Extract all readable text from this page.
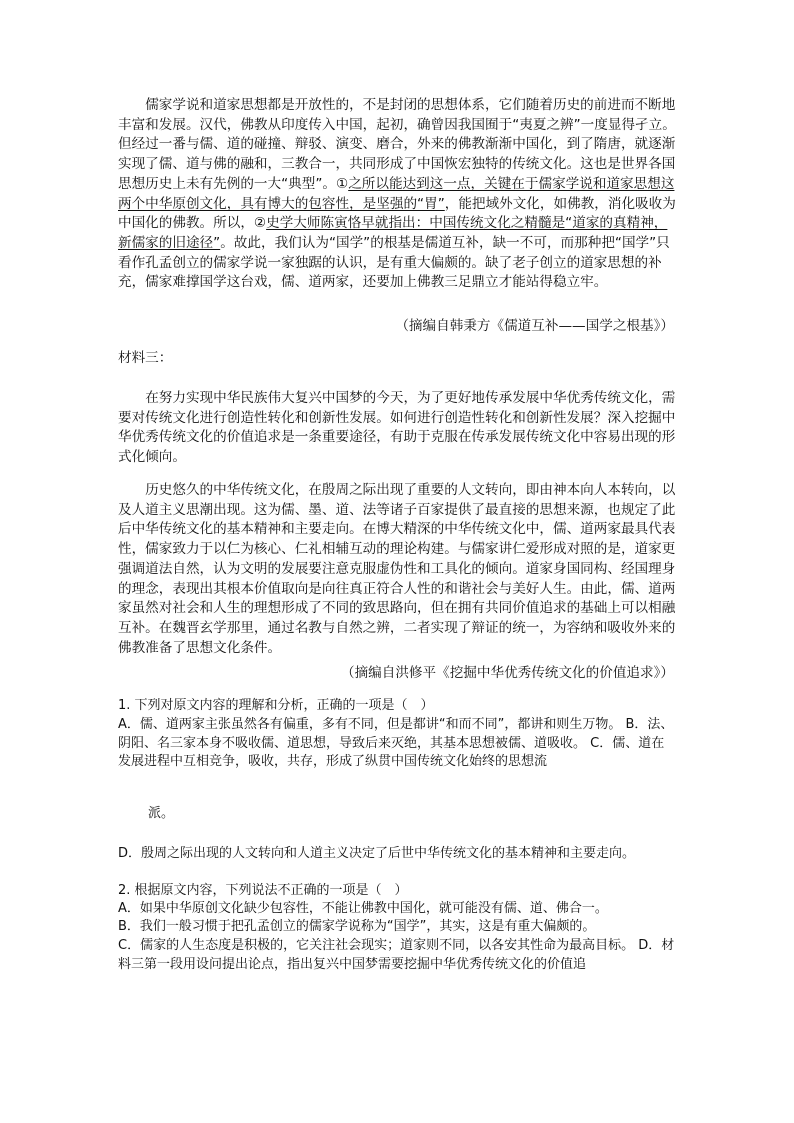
儒家学说和道家思想都是开放性的，不是封闭的思想体系，它们随着历史的前进而不断地丰富和发展。汉代，佛教从印度传入中国，起初，确曾因我国囿于“夷夏之辨”一度显得孑立。但经过一番与儒、道的碰撞、辩驳、演变、磨合，外来的佛教渐渐中国化，到了隋唐，就逐渐实现了儒、道与佛的融和，三教合一，共同形成了中国恢宏独特的传统文化。这也是世界各国思想历史上未有先例的一大“典型”。①之所以能达到这一点，关键在于儒家学说和道家思想这两个中华原创文化，具有博大的包容性，是坚强的“胃”，能把域外文化，如佛教，消化吸收为中国化的佛教。所以，②史学大师陈寅恪早就指出：中国传统文化之精髓是“道家的真精神，新儒家的旧途径”。故此，我们认为“国学”的根基是儒道互补，缺一不可，而那种把“国学”只看作孔孟创立的儒家学说一家独踞的认识，是有重大偏颇的。缺了老子创立的道家思想的补充，儒家难撑国学这台戏，儒、道两家，还要加上佛教三足鼎立才能站得稳立牢。

（摘编自韩秉方《儒道互补——国学之根基》）

材料三：

在努力实现中华民族伟大复兴中国梦的今天，为了更好地传承发展中华优秀传统文化，需要对传统文化进行创造性转化和创新性发展。如何进行创造性转化和创新性发展？深入挖掘中华优秀传统文化的价值追求是一条重要途径，有助于克服在传承发展传统文化中容易出现的形式化倾向。

历史悠久的中华传统文化，在殷周之际出现了重要的人文转向，即由神本向人本转向，以及人道主义思潮出现。这为儒、墨、道、法等诸子百家提供了最直接的思想来源，也规定了此后中华传统文化的基本精神和主要走向。在博大精深的中华传统文化中，儒、道两家最具代表性，儒家致力于以仁为核心、仁礼相辅互动的理论构建。与儒家讲仁爱形成对照的是，道家更强调道法自然，认为文明的发展要注意克服虚伪性和工具化的倾向。道家身国同构、经国理身的理念，表现出其根本价值取向是向往真正符合人性的和谐社会与美好人生。由此，儒、道两家虽然对社会和人生的理想形成了不同的致思路向，但在拥有共同价值追求的基础上可以相融互补。在魏晋玄学那里，通过名教与自然之辨，二者实现了辩证的统一，为容纳和吸收外来的佛教准备了思想文化条件。

（摘编自洪修平《挖掘中华优秀传统文化的价值追求》）

1. 下列对原文内容的理解和分析，正确的一项是（　）

A．儒、道两家主张虽然各有偏重，多有不同，但是都讲“和而不同”，都讲和则生万物。 B．法、阴阳、名三家本身不吸收儒、道思想，导致后来灭绝，其基本思想被儒、道吸收。 C．儒、道在发展进程中互相竞争，吸收，共存，形成了纵贯中国传统文化始终的思想流

派。

D．殷周之际出现的人文转向和人道主义决定了后世中华传统文化的基本精神和主要走向。

2. 根据原文内容，下列说法不正确的一项是（　）

A．如果中华原创文化缺少包容性，不能让佛教中国化，就可能没有儒、道、佛合一。

B．我们一般习惯于把孔孟创立的儒家学说称为“国学”，其实，这是有重大偏颇的。

C．儒家的人生态度是积极的，它关注社会现实；道家则不同，以各安其性命为最高目标。 D．材料三第一段用设问提出论点，指出复兴中国梦需要挖掘中华优秀传统文化的价值追
